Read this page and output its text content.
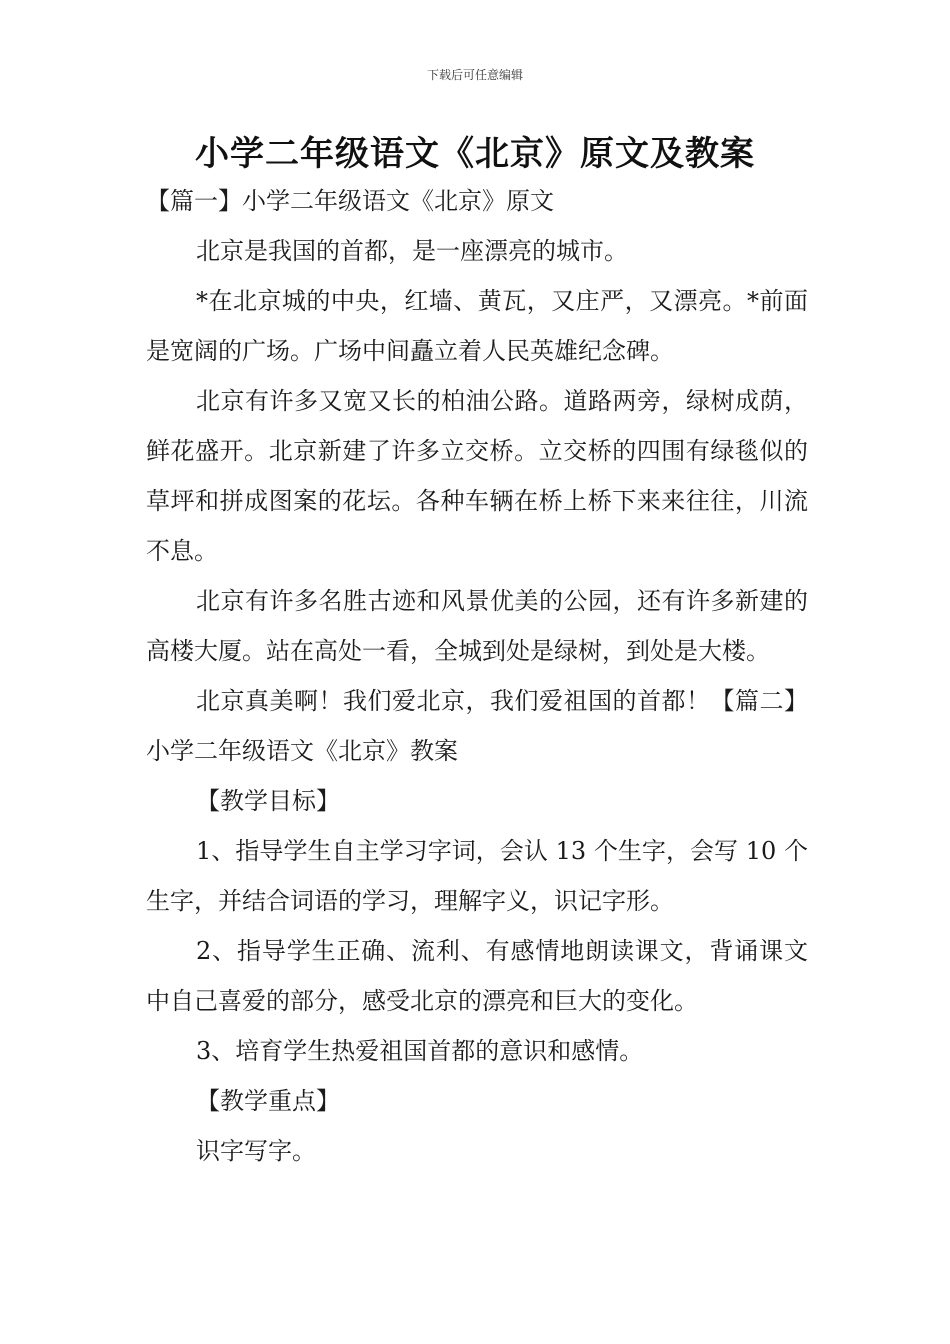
下载后可任意编辑
小学二年级语文《北京》原文及教案

【篇一】小学二年级语文《北京》原文

北京是我国的首都，是一座漂亮的城市。

*在北京城的中央，红墙、黄瓦，又庄严，又漂亮。*前面是宽阔的广场。广场中间矗立着人民英雄纪念碑。

北京有许多又宽又长的柏油公路。道路两旁，绿树成荫，鲜花盛开。北京新建了许多立交桥。立交桥的四围有绿毯似的草坪和拼成图案的花坛。各种车辆在桥上桥下来来往往，川流不息。

北京有许多名胜古迹和风景优美的公园，还有许多新建的高楼大厦。站在高处一看，全城到处是绿树，到处是大楼。

北京真美啊！我们爱北京，我们爱祖国的首都！【篇二】小学二年级语文《北京》教案

【教学目标】

1、指导学生自主学习字词，会认 13 个生字，会写 10 个生字，并结合词语的学习，理解字义，识记字形。

2、指导学生正确、流利、有感情地朗读课文，背诵课文中自己喜爱的部分，感受北京的漂亮和巨大的变化。

3、培育学生热爱祖国首都的意识和感情。

【教学重点】

识字写字。
